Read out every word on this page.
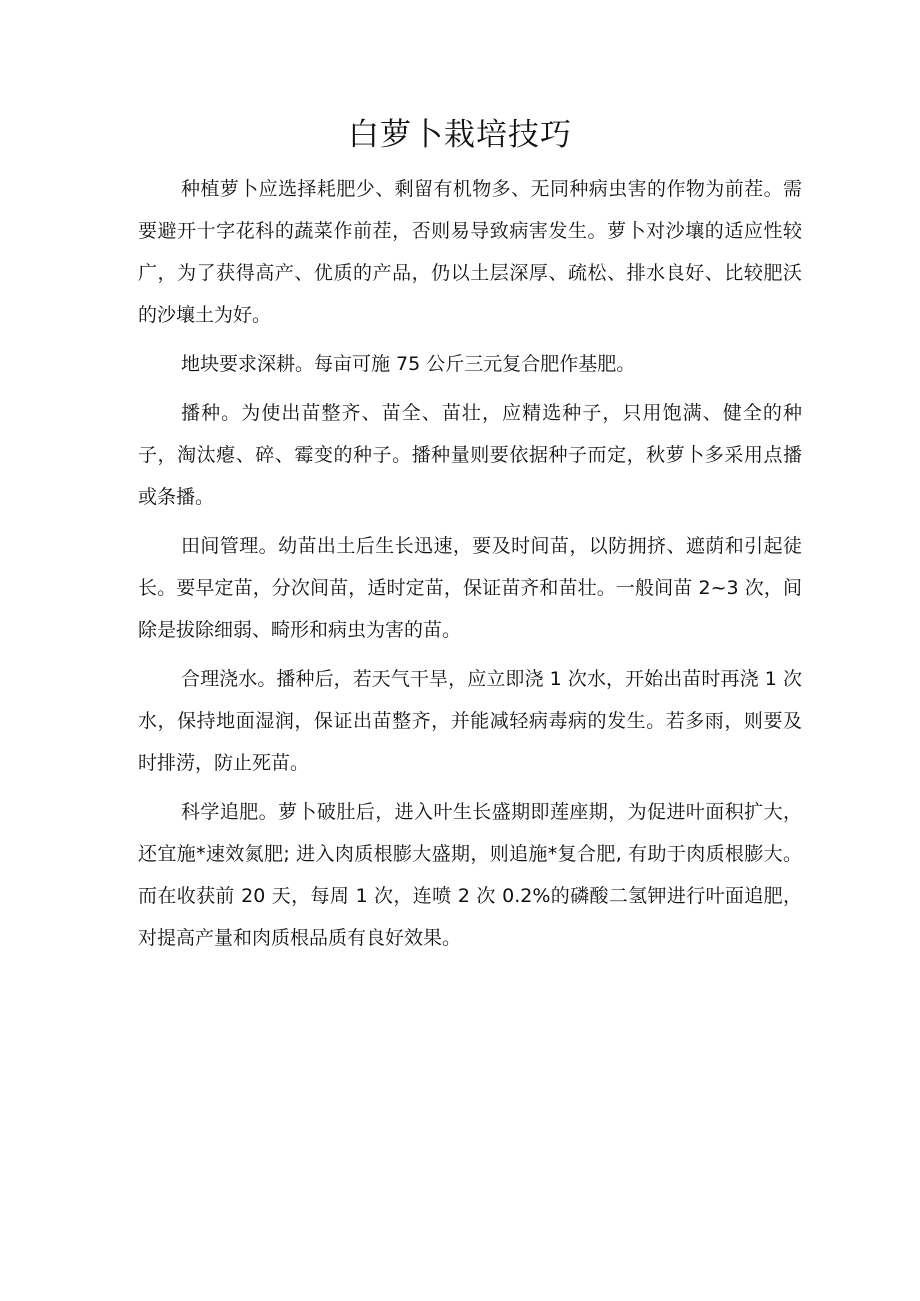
白萝卜栽培技巧

种植萝卜应选择耗肥少、剩留有机物多、无同种病虫害的作物为前茬。需要避开十字花科的蔬菜作前茬，否则易导致病害发生。萝卜对沙壤的适应性较广，为了获得高产、优质的产品，仍以土层深厚、疏松、排水良好、比较肥沃的沙壤土为好。

地块要求深耕。每亩可施 75 公斤三元复合肥作基肥。

播种。为使出苗整齐、苗全、苗壮，应精选种子，只用饱满、健全的种子，淘汰瘪、碎、霉变的种子。播种量则要依据种子而定，秋萝卜多采用点播或条播。

田间管理。幼苗出土后生长迅速，要及时间苗，以防拥挤、遮荫和引起徒长。要早定苗，分次间苗，适时定苗，保证苗齐和苗壮。一般间苗 2~3 次，间除是拔除细弱、畸形和病虫为害的苗。

合理浇水。播种后，若天气干旱，应立即浇 1 次水，开始出苗时再浇 1 次水，保持地面湿润，保证出苗整齐，并能减轻病毒病的发生。若多雨，则要及时排涝，防止死苗。

科学追肥。萝卜破肚后，进入叶生长盛期即莲座期，为促进叶面积扩大，还宜施*速效氮肥; 进入肉质根膨大盛期，则追施*复合肥, 有助于肉质根膨大。而在收获前 20 天，每周 1 次，连喷 2 次 0.2%的磷酸二氢钾进行叶面追肥，对提高产量和肉质根品质有良好效果。
